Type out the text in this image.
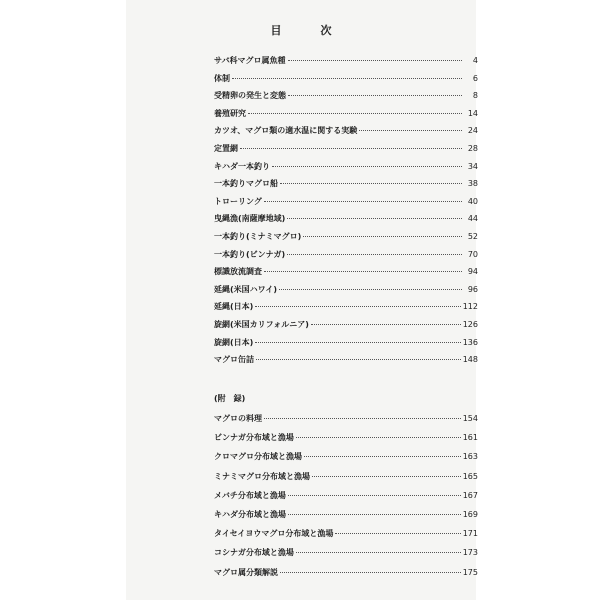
目　次
(附　録)
サバ科マグロ属魚種	4
体制	6
受精卵の発生と変態	8
養殖研究	14
カツオ、マグロ類の適水温に関する実験	24
定置網	28
キハダ一本釣り	34
一本釣りマグロ船	38
トローリング	40
曳縄漁(南薩摩地域)	44
一本釣り(ミナミマグロ)	52
一本釣り(ビンナガ)	70
標識放流調査	94
延縄(米国ハワイ)	96
延縄(日本)	112
旋網(米国カリフォルニア)	126
旋網(日本)	136
マグロ缶詰	148
マグロの料理	154
ビンナガ分布域と漁場	161
クロマグロ分布域と漁場	163
ミナミマグロ分布域と漁場	165
メバチ分布域と漁場	167
キハダ分布域と漁場	169
タイセイヨウマグロ分布域と漁場	171
コシナガ分布域と漁場	173
マグロ属分類解説	175
